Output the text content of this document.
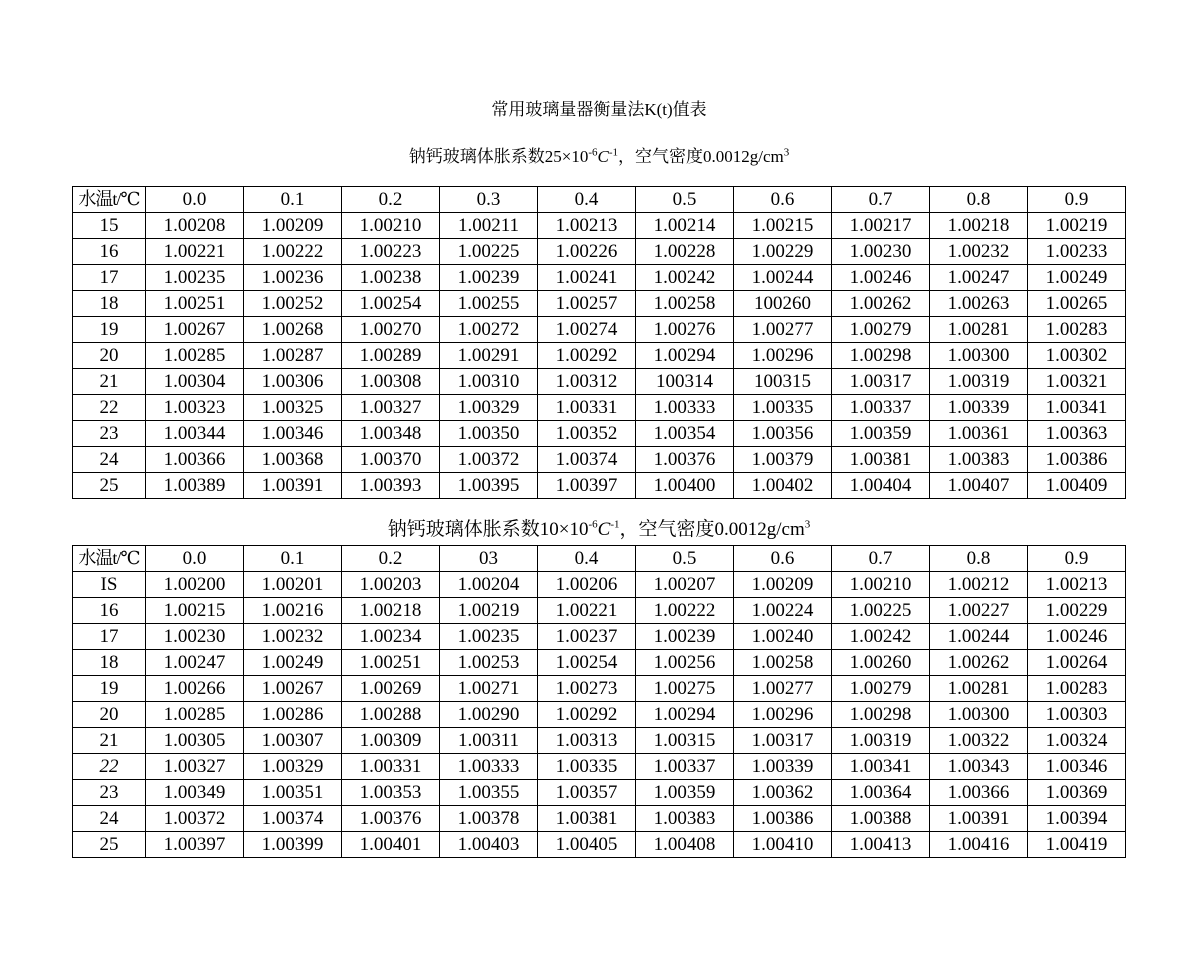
常用玻璃量器衡量法K(t)值表
钠钙玻璃体胀系数$25\times 10^{-6}C^{-1}$，空气密度$0.0012g/cm^3$
水温t/℃	0.0	0.1	0.2	0.3	0.4	0.5	0.6	0.7	0.8	0.9
15	1.00208	1.00209	1.00210	1.00211	1.00213	1.00214	1.00215	1.00217	1.00218	1.00219
16	1.00221	1.00222	1.00223	1.00225	1.00226	1.00228	1.00229	1.00230	1.00232	1.00233
17	1.00235	1.00236	1.00238	1.00239	1.00241	1.00242	1.00244	1.00246	1.00247	1.00249
18	1.00251	1.00252	1.00254	1.00255	1.00257	1.00258	100260	1.00262	1.00263	1.00265
19	1.00267	1.00268	1.00270	1.00272	1.00274	1.00276	1.00277	1.00279	1.00281	1.00283
20	1.00285	1.00287	1.00289	1.00291	1.00292	1.00294	1.00296	1.00298	1.00300	1.00302
21	1.00304	1.00306	1.00308	1.00310	1.00312	100314	100315	1.00317	1.00319	1.00321
22	1.00323	1.00325	1.00327	1.00329	1.00331	1.00333	1.00335	1.00337	1.00339	1.00341
23	1.00344	1.00346	1.00348	1.00350	1.00352	1.00354	1.00356	1.00359	1.00361	1.00363
24	1.00366	1.00368	1.00370	1.00372	1.00374	1.00376	1.00379	1.00381	1.00383	1.00386
25	1.00389	1.00391	1.00393	1.00395	1.00397	1.00400	1.00402	1.00404	1.00407	1.00409
钠钙玻璃体胀系数$10\times 10^{-6}C^{-1}$，空气密度$0.0012g/cm^3$
水温t/℃	0.0	0.1	0.2	03	0.4	0.5	0.6	0.7	0.8	0.9
IS	1.00200	1.00201	1.00203	1.00204	1.00206	1.00207	1.00209	1.00210	1.00212	1.00213
16	1.00215	1.00216	1.00218	1.00219	1.00221	1.00222	1.00224	1.00225	1.00227	1.00229
17	1.00230	1.00232	1.00234	1.00235	1.00237	1.00239	1.00240	1.00242	1.00244	1.00246
18	1.00247	1.00249	1.00251	1.00253	1.00254	1.00256	1.00258	1.00260	1.00262	1.00264
19	1.00266	1.00267	1.00269	1.00271	1.00273	1.00275	1.00277	1.00279	1.00281	1.00283
20	1.00285	1.00286	1.00288	1.00290	1.00292	1.00294	1.00296	1.00298	1.00300	1.00303
21	1.00305	1.00307	1.00309	1.00311	1.00313	1.00315	1.00317	1.00319	1.00322	1.00324
22	1.00327	1.00329	1.00331	1.00333	1.00335	1.00337	1.00339	1.00341	1.00343	1.00346
23	1.00349	1.00351	1.00353	1.00355	1.00357	1.00359	1.00362	1.00364	1.00366	1.00369
24	1.00372	1.00374	1.00376	1.00378	1.00381	1.00383	1.00386	1.00388	1.00391	1.00394
25	1.00397	1.00399	1.00401	1.00403	1.00405	1.00408	1.00410	1.00413	1.00416	1.00419
